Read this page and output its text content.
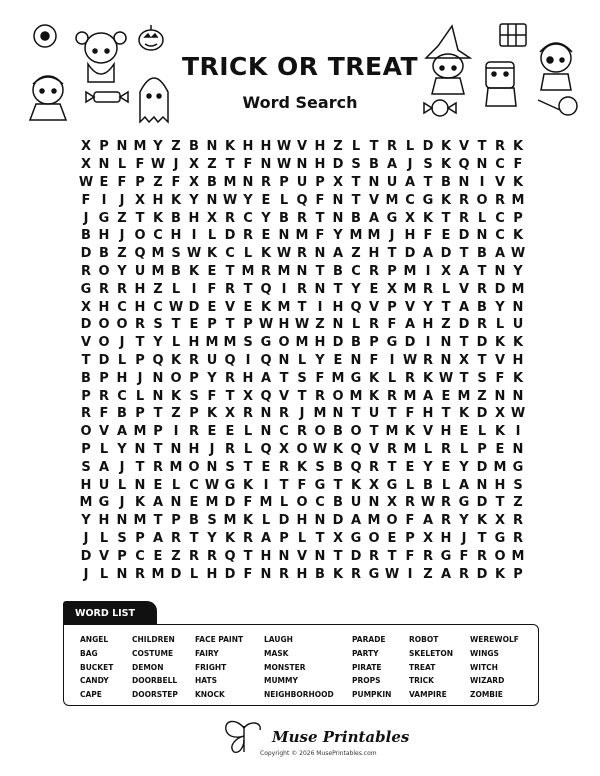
TRICK OR TREAT
Word Search
X P N M Y Z B N K H H W V H Z L T R L D K V T R K
X N L F W J X Z T F N W N H D S B A J S K Q N C F
W E F P Z F X B M N R P U P X T N U A T B N I V K
F I	J X H K Y N W Y E L Q F N T V M C G K R O R M
J G Z T K B H X R C Y B R T N B A G X K T R L C P
B H J O C H I L D R E N M F Y M M J H F E D N C K
D B Z Q M S W K C L K W R N A Z H T D A D T B A W
R O Y U M B K E T M R M N T B C R P M I X A T N Y
G R R H Z L I F R T Q I R N T Y E X M R L V R D M
X H C H C W D E V E K M T I H Q V P V Y T A B Y N
D O O R S T E P T P W H W Z N L R F A H Z D R L U
V O J T Y L H M M S G O M H D B P G D I N T D K K
T D L P Q K R U Q I Q N L Y E N F I W R N X T V H
B P H J N O P Y R H A T S F M G K L R K W T S F K
P R C L N K S F T X Q V T R O M K R M A E M Z N N
R F B P T Z P K X R N R J M N T U T F H T K D X W
O V A M P I R E E L N C R O B O T M K V H E L K I
P L Y N T N H J R L Q X O W K Q V R M L R L P E N
S A J T R M O N S T E R K S B Q R T E Y E Y D M G
H U L N E L C W G K I T F G T K X G L B L A N H S
M G J K A N E M D F M L O C B U N X R W R G D T Z
Y H N M T P B S M K L D H N D A M O F A R Y K X R
J L S P A R T Y K R A P L T X G O E P X H J T G R
D V P C E Z R R Q T H N V N T D R T F R G F R O M
J L N R M D L H D F N R H B K R G W I Z A R D K P
WORD LIST
ANGEL
BAG
BUCKET
CANDY
CAPE
CHILDREN
COSTUME
DEMON
DOORBELL
DOORSTEP
FACE PAINT
FAIRY
FRIGHT
HATS
KNOCK
LAUGH
MASK
MONSTER
MUMMY
NEIGHBORHOOD
PARADE
PARTY
PIRATE
PROPS
PUMPKIN
ROBOT
SKELETON
TREAT
TRICK
VAMPIRE
WEREWOLF
WINGS
WITCH
WIZARD
ZOMBIE
Muse Printables
Copyright © 2026 MusePrintables.com
